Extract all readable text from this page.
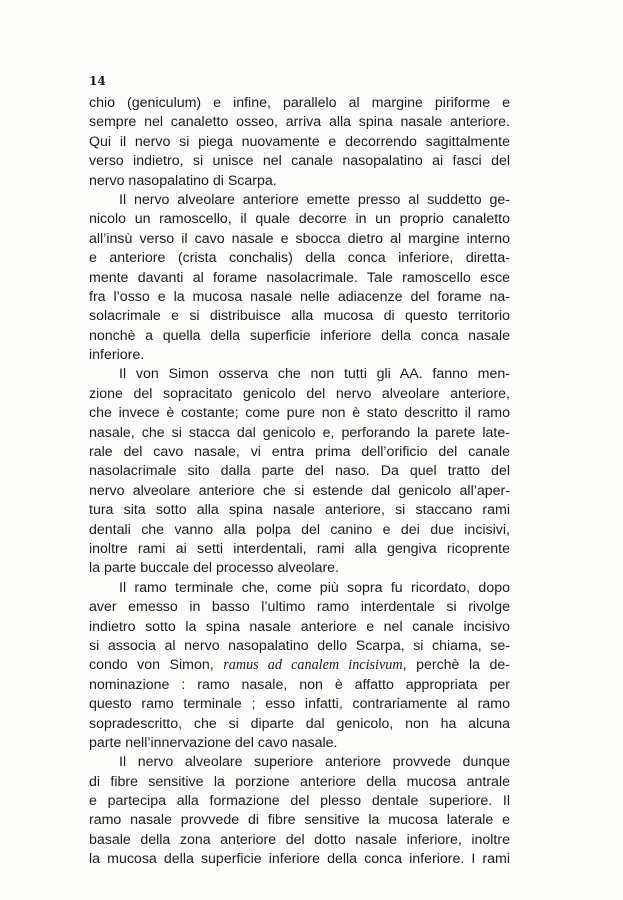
14
chio (geniculum) e infine, parallelo al margine piriforme e
sempre nel canaletto osseo, arriva alla spina nasale anteriore.
Qui il nervo si piega nuovamente e decorrendo sagittalmente
verso indietro, si unisce nel canale nasopalatino ai fasci del
nervo nasopalatino di Scarpa.
Il nervo alveolare anteriore emette presso al suddetto ge-
nicolo un ramoscello, il quale decorre in un proprio canaletto
all’insù verso il cavo nasale e sbocca dietro al margine interno
e anteriore (crista conchalis) della conca inferiore, diretta-
mente davanti al forame nasolacrimale. Tale ramoscello esce
fra l’osso e la mucosa nasale nelle adiacenze del forame na-
solacrimale e si distribuisce alla mucosa di questo territorio
nonchè a quella della superficie inferiore della conca nasale
inferiore.
Il von Simon osserva che non tutti gli AA. fanno men-
zione del sopracitato genicolo del nervo alveolare anteriore,
che invece è costante; come pure non è stato descritto il ramo
nasale, che si stacca dal genicolo e, perforando la parete late-
rale del cavo nasale, vi entra prima dell’orificio del canale
nasolacrimale sito dalla parte del naso. Da quel tratto del
nervo alveolare anteriore che si estende dal genicolo all’aper-
tura sita sotto alla spina nasale anteriore, si staccano rami
dentali che vanno alla polpa del canino e dei due incisivi,
inoltre rami ai setti interdentali, rami alla gengiva ricoprente
la parte buccale del processo alveolare.
Il ramo terminale che, come più sopra fu ricordato, dopo
aver emesso in basso l’ultimo ramo interdentale si rivolge
indietro sotto la spina nasale anteriore e nel canale incisivo
si associa al nervo nasopalatino dello Scarpa, si chiama, se-
condo von Simon, ramus ad canalem incisivum, perchè la de-
nominazione : ramo nasale, non è affatto appropriata per
questo ramo terminale ; esso infatti, contrariamente al ramo
sopradescritto, che si diparte dal genicolo, non ha alcuna
parte nell’innervazione del cavo nasale.
Il nervo alveolare superiore anteriore provvede dunque
di fibre sensitive la porzione anteriore della mucosa antrale
e partecipa alla formazione del plesso dentale superiore. Il
ramo nasale provvede di fibre sensitive la mucosa laterale e
basale della zona anteriore del dotto nasale inferiore, inoltre
la mucosa della superficie inferiore della conca inferiore. I rami
